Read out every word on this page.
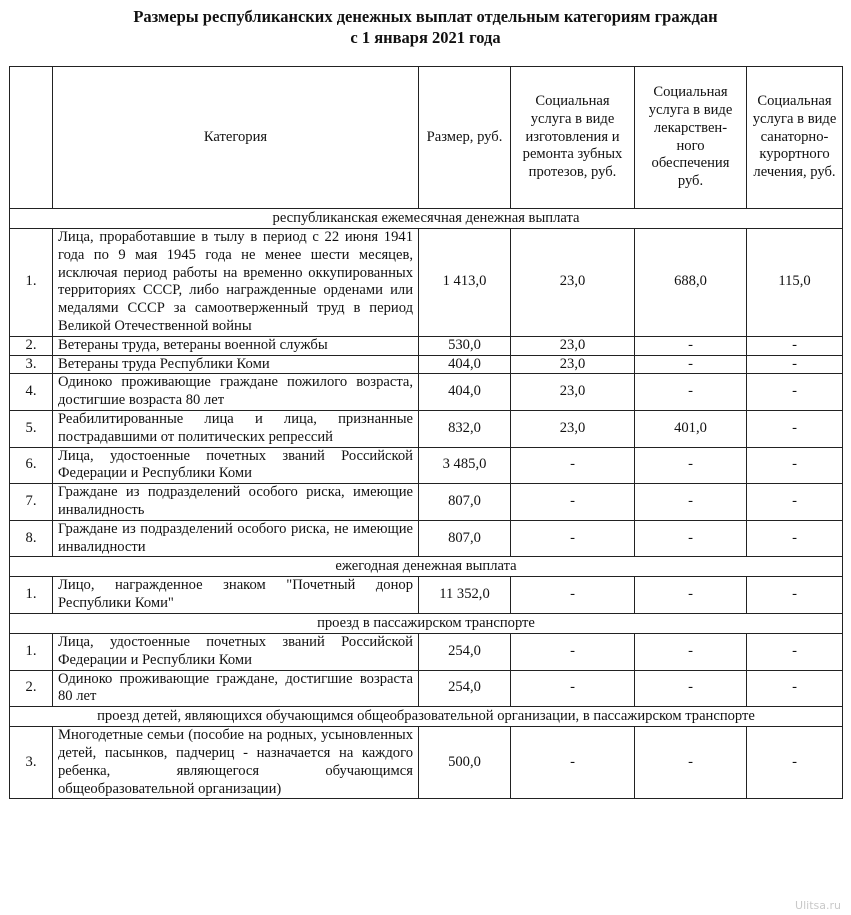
Размеры республиканских денежных выплат отдельным категориям граждан
с 1 января 2021 года
	Категория	Размер, руб.	Социальная услуга в виде изготовления и ремонта зубных протезов, руб.	Социальная услуга в виде лекарствен-ного обеспечения руб.	Социальная услуга в виде санаторно-курортного лечения, руб.
республиканская ежемесячная денежная выплата					
1.	Лица, проработавшие в тылу в период с 22 июня 1941 года по 9 мая 1945 года не менее шести месяцев, исключая период работы на временно оккупированных территориях СССР, либо награжденные орденами или медалями СССР за самоотверженный труд в период Великой Отечественной войны	1 413,0	23,0	688,0	115,0
2.	Ветераны труда, ветераны военной службы	530,0	23,0	-	-
3.	Ветераны труда Республики Коми	404,0	23,0	-	-
4.	Одиноко проживающие граждане пожилого возраста, достигшие возраста 80 лет	404,0	23,0	-	-
5.	Реабилитированные лица и лица, признанные пострадавшими от политических репрессий	832,0	23,0	401,0	-
6.	Лица, удостоенные почетных званий Российской Федерации и Республики Коми	3 485,0	-	-	-
7.	Граждане из подразделений особого риска, имеющие инвалидность	807,0	-	-	-
8.	Граждане из подразделений особого риска, не имеющие инвалидности	807,0	-	-	-
ежегодная денежная выплата					
1.	Лицо, награжденное знаком "Почетный донор Республики Коми"	11 352,0	-	-	-
проезд в пассажирском транспорте					
1.	Лица, удостоенные почетных званий Российской Федерации и Республики Коми	254,0	-	-	-
2.	Одиноко проживающие граждане, достигшие возраста 80 лет	254,0	-	-	-
проезд детей, являющихся обучающимся общеобразовательной организации, в пассажирском транспорте					
3.	Многодетные семьи (пособие на родных, усыновленных детей, пасынков, падчериц - назначается на каждого ребенка, являющегося обучающимся общеобразовательной организации)	500,0	-	-	-
Ulitsa.ru
